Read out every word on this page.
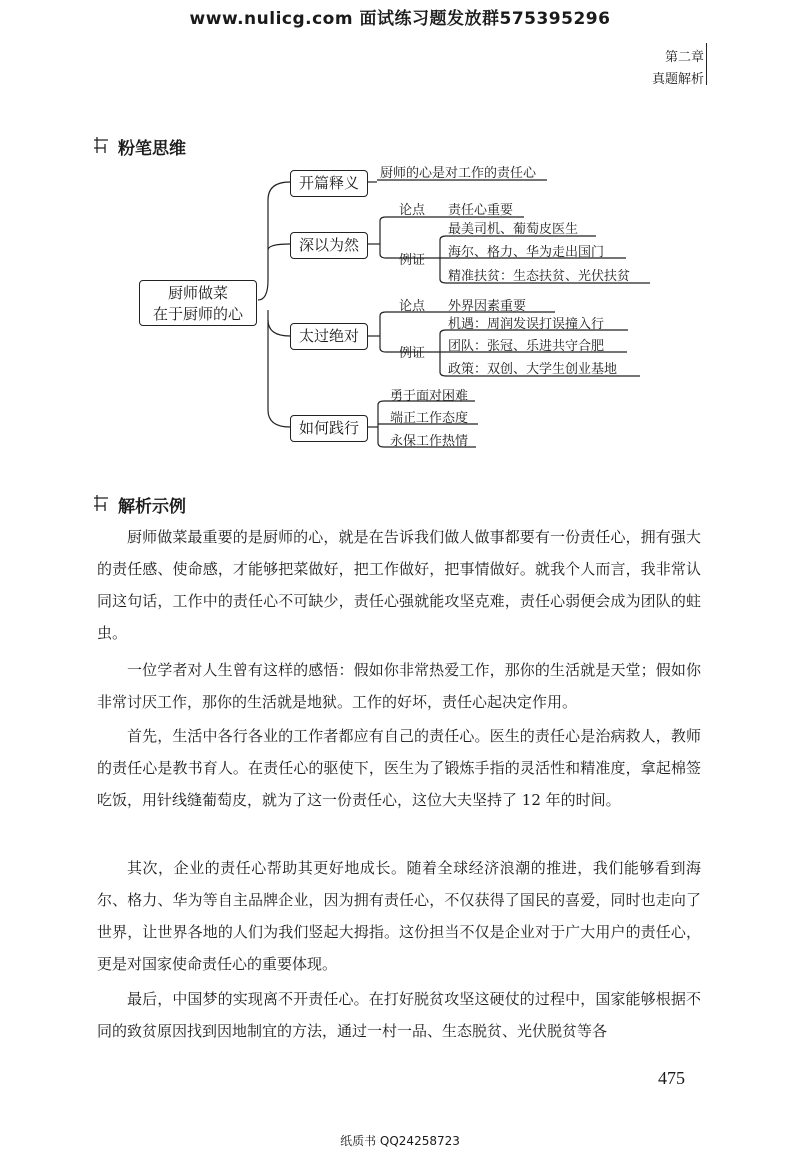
www.nulicg.com 面试练习题发放群575395296
第二章
真题解析
粉笔思维
厨师做菜
在于厨师的心
开篇释义
深以为然
太过绝对
如何践行
厨师的心是对工作的责任心
论点 责任心重要
例证
最美司机、葡萄皮医生
海尔、格力、华为走出国门
精准扶贫：生态扶贫、光伏扶贫
论点 外界因素重要
例证
机遇：周润发误打误撞入行
团队：张冠、乐进共守合肥
政策：双创、大学生创业基地
勇于面对困难
端正工作态度
永保工作热情
解析示例

厨师做菜最重要的是厨师的心，就是在告诉我们做人做事都要有一份责任心，拥有强大的责任感、使命感，才能够把菜做好，把工作做好，把事情做好。就我个人而言，我非常认同这句话，工作中的责任心不可缺少，责任心强就能攻坚克难，责任心弱便会成为团队的蛀虫。

一位学者对人生曾有这样的感悟：假如你非常热爱工作，那你的生活就是天堂；假如你非常讨厌工作，那你的生活就是地狱。工作的好坏，责任心起决定作用。

首先，生活中各行各业的工作者都应有自己的责任心。医生的责任心是治病救人，教师的责任心是教书育人。在责任心的驱使下，医生为了锻炼手指的灵活性和精准度，拿起棉签吃饭，用针线缝葡萄皮，就为了这一份责任心，这位大夫坚持了 12 年的时间。

其次，企业的责任心帮助其更好地成长。随着全球经济浪潮的推进，我们能够看到海尔、格力、华为等自主品牌企业，因为拥有责任心，不仅获得了国民的喜爱，同时也走向了世界，让世界各地的人们为我们竖起大拇指。这份担当不仅是企业对于广大用户的责任心，更是对国家使命责任心的重要体现。

最后，中国梦的实现离不开责任心。在打好脱贫攻坚这硬仗的过程中，国家能够根据不同的致贫原因找到因地制宜的方法，通过一村一品、生态脱贫、光伏脱贫等各

475
纸质书 QQ24258723
